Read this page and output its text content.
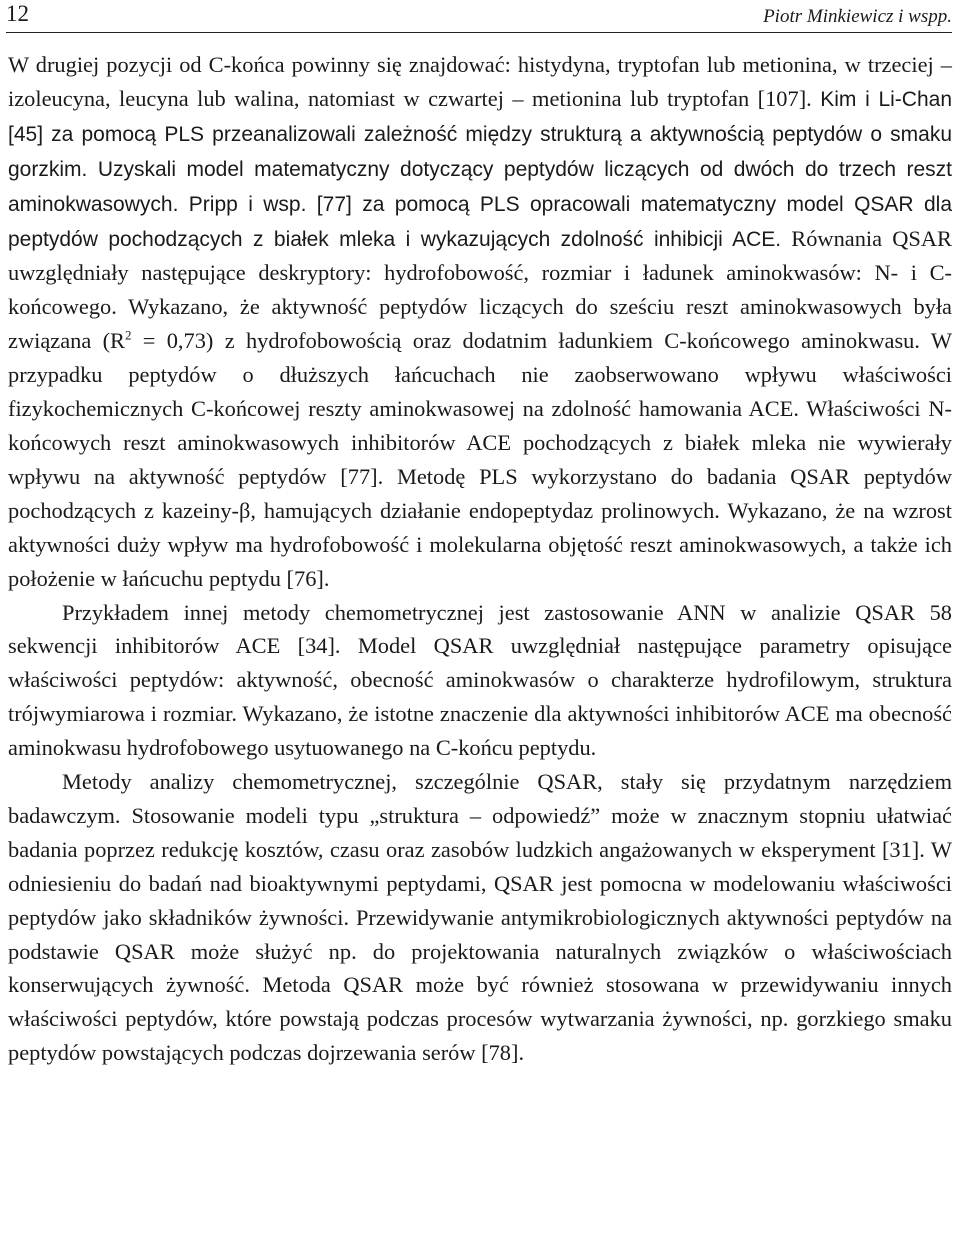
12	Piotr Minkiewicz i wspp.

W drugiej pozycji od C-końca powinny się znajdować: histydyna, tryptofan lub metionina, w trzeciej – izoleucyna, leucyna lub walina, natomiast w czwartej – metionina lub tryptofan [107]. Kim i Li-Chan [45] za pomocą PLS przeanalizowali zależność między strukturą a aktywnością peptydów o smaku gorzkim. Uzyskali model matematyczny dotyczący peptydów liczących od dwóch do trzech reszt aminokwasowych. Pripp i wsp. [77] za pomocą PLS opracowali matematyczny model QSAR dla peptydów pochodzących z białek mleka i wykazujących zdolność inhibicji ACE. Równania QSAR uwzględniały następujące deskryptory: hydrofobowość, rozmiar i ładunek aminokwasów: N- i C-końcowego. Wykazano, że aktywność peptydów liczących do sześciu reszt aminokwasowych była związana $(R^2 = 0,73)$ z hydrofobowością oraz dodatnim ładunkiem C-końcowego aminokwasu. W przypadku peptydów o dłuższych łańcuchach nie zaobserwowano wpływu właściwości fizykochemicznych C-końcowej reszty aminokwasowej na zdolność hamowania ACE. Właściwości N-końcowych reszt aminokwasowych inhibitorów ACE pochodzących z białek mleka nie wywierały wpływu na aktywność peptydów [77]. Metodę PLS wykorzystano do badania QSAR peptydów pochodzących z kazeiny-β, hamujących działanie endopeptydaz prolinowych. Wykazano, że na wzrost aktywności duży wpływ ma hydrofobowość i molekularna objętość reszt aminokwasowych, a także ich położenie w łańcuchu peptydu [76].

Przykładem innej metody chemometrycznej jest zastosowanie ANN w analizie QSAR 58 sekwencji inhibitorów ACE [34]. Model QSAR uwzględniał następujące parametry opisujące właściwości peptydów: aktywność, obecność aminokwasów o charakterze hydrofilowym, struktura trójwymiarowa i rozmiar. Wykazano, że istotne znaczenie dla aktywności inhibitorów ACE ma obecność aminokwasu hydrofobowego usytuowanego na C-końcu peptydu.

Metody analizy chemometrycznej, szczególnie QSAR, stały się przydatnym narzędziem badawczym. Stosowanie modeli typu „struktura – odpowiedź” może w znacznym stopniu ułatwiać badania poprzez redukcję kosztów, czasu oraz zasobów ludzkich angażowanych w eksperyment [31]. W odniesieniu do badań nad bioaktywnymi peptydami, QSAR jest pomocna w modelowaniu właściwości peptydów jako składników żywności. Przewidywanie antymikrobiologicznych aktywności peptydów na podstawie QSAR może służyć np. do projektowania naturalnych związków o właściwościach konserwujących żywność. Metoda QSAR może być również stosowana w przewidywaniu innych właściwości peptydów, które powstają podczas procesów wytwarzania żywności, np. gorzkiego smaku peptydów powstających podczas dojrzewania serów [78].
